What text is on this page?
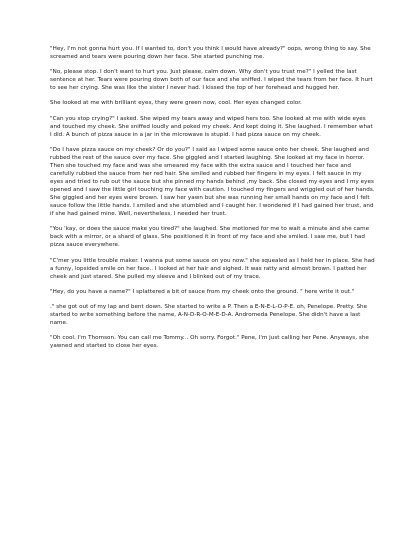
"Hey, I'm not gonna hurt you. If I wanted to, don't you think I would have already?" oops, wrong thing to say. She screamed and tears were pouring down her face. She started punching me.

"No, please stop. I don't want to hurt you. Just please, calm down. Why don't you trust me?" I yelled the last sentence at her. Tears were pouring down both of our face and she sniffed. I wiped the tears from her face. It hurt to see her crying. She was like the sister I never had. I kissed the top of her forehead and hugged her.

She looked at me with brilliant eyes, they were green now, cool. Her eyes changed color.

"Can you stop crying?" I asked. She wiped my tears away and wiped hers too. She looked at me with wide eyes and touched my cheek. She sniffed loudly and poked my cheek. And kept doing it. She laughed. I remember what I did. A bunch of pizza sauce in a jar in the microwave is stupid. I had pizza sauce on my cheek.

"Do I have pizza sauce on my cheek? Or do you?" I said as I wiped some sauce onto her cheek. She laughed and rubbed the rest of the sauce over my face. She giggled and I started laughing. She looked at my face in horror. Then she touched my face and was she smeared my face with the extra sauce and I touched her face and carefully rubbed the sauce from her red hair. She smiled and rubbed her fingers in my eyes. I felt sauce in my eyes and tried to rub out the sauce but she pinned my hands behind ,my back. She closed my eyes and I my eyes opened and I saw the little girl touching my face with caution. I touched my fingers and wriggled out of her hands. She giggled and her eyes were brown. I saw her yawn but she was running her small hands on my face and I felt sauce follow the little hands. I smiled and she stumbled and I caught her. I wondered if I had gained her trust, and if she had gained mine. Well, nevertheless, I needed her trust.

"You 'kay, or does the sauce make you tired?" she laughed. She motioned for me to wait a minute and she came back with a mirror, or a shard of glass. She positioned it in front of my face and she smiled. I saw me, but I had pizza sauce everywhere.

"C'mer you little trouble maker. I wanna put some sauce on you now." she squealed as I held her in place. She had a funny, lopsided smile on her face.. I looked at her hair and sighed. It was ratty and almost brown. I patted her cheek and just stared. She pulled my sleeve and I blinked out of my trace.

"Hey, do you have a name?" I splattered a bit of sauce from my cheek onto the ground. " here write it out."

." she got out of my lap and bent down. She started to write a P. Then a E-N-E-L-O-P-E. oh, Penelope. Pretty. She started to write something before the name, A-N-D-R-O-M-E-D-A. Andromeda Penelope. She didn't have a last name.

"Oh cool. I'm Thomson. You can call me Tommy... Oh sorry. Forgot." Pene, I'm just calling her Pene. Anyways, she yawned and started to close her eyes.
